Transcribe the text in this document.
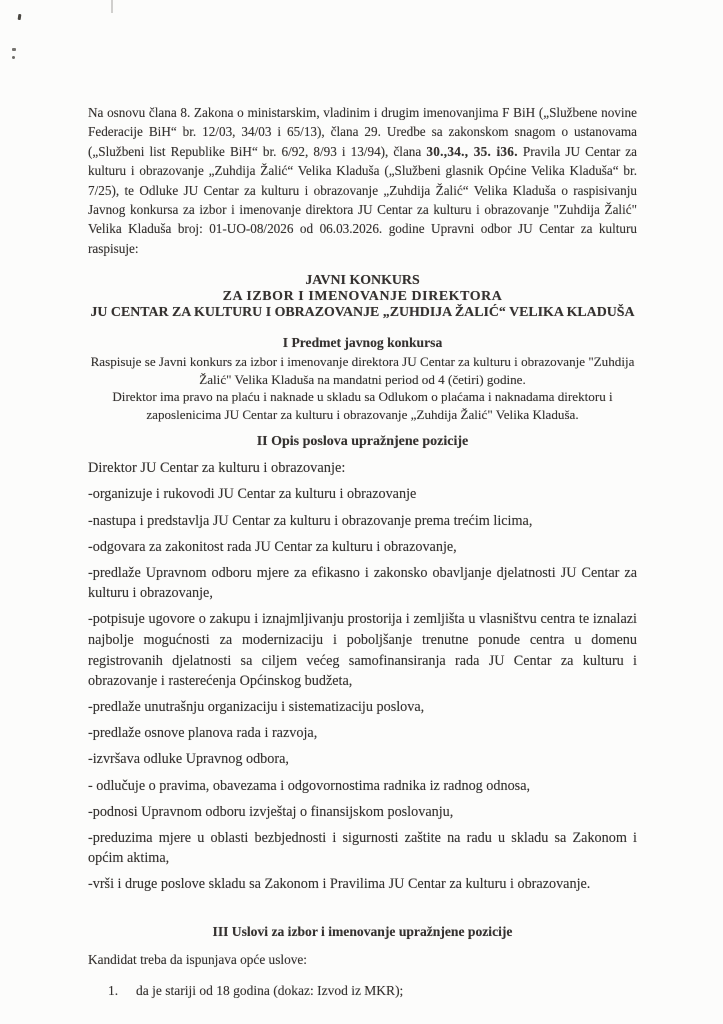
Na osnovu člana 8. Zakona o ministarskim, vladinim i drugim imenovanjima F BiH („Službene novine Federacije BiH“ br. 12/03, 34/03 i 65/13), člana 29. Uredbe sa zakonskom snagom o ustanovama („Službeni list Republike BiH“ br. 6/92, 8/93 i 13/94), člana 30.,34., 35. i36. Pravila JU Centar za kulturu i obrazovanje „Zuhdija Žalić“ Velika Kladuša („Službeni glasnik Općine Velika Kladuša“ br. 7/25), te Odluke JU Centar za kulturu i obrazovanje „Zuhdija Žalić“ Velika Kladuša o raspisivanju Javnog konkursa za izbor i imenovanje direktora JU Centar za kulturu i obrazovanje "Zuhdija Žalić" Velika Kladuša broj: 01-UO-08/2026 od 06.03.2026. godine Upravni odbor JU Centar za kulturu raspisuje:

JAVNI KONKURS

ZA IZBOR I IMENOVANJE DIREKTORA

JU CENTAR ZA KULTURU I OBRAZOVANJE „ZUHDIJA ŽALIĆ“ VELIKA KLADUŠA

I Predmet javnog konkursa

Raspisuje se Javni konkurs za izbor i imenovanje direktora JU Centar za kulturu i obrazovanje "Zuhdija Žalić" Velika Kladuša na mandatni period od 4 (četiri) godine.

Direktor ima pravo na plaću i naknade u skladu sa Odlukom o plaćama i naknadama direktoru i zaposlenicima JU Centar za kulturu i obrazovanje „Zuhdija Žalić" Velika Kladuša.

II Opis poslova upražnjene pozicije

Direktor JU Centar za kulturu i obrazovanje:

-organizuje i rukovodi JU Centar za kulturu i obrazovanje

-nastupa i predstavlja JU Centar za kulturu i obrazovanje prema trećim licima,

-odgovara za zakonitost rada JU Centar za kulturu i obrazovanje,

-predlaže Upravnom odboru mjere za efikasno i zakonsko obavljanje djelatnosti JU Centar za kulturu i obrazovanje,

-potpisuje ugovore o zakupu i iznajmljivanju prostorija i zemljišta u vlasništvu centra te iznalazi najbolje mogućnosti za modernizaciju i poboljšanje trenutne ponude centra u domenu registrovanih djelatnosti sa ciljem većeg samofinansiranja rada JU Centar za kulturu i obrazovanje i rasterećenja Općinskog budžeta,

-predlaže unutrašnju organizaciju i sistematizaciju poslova,

-predlaže osnove planova rada i razvoja,

-izvršava odluke Upravnog odbora,

- odlučuje o pravima, obavezama i odgovornostima radnika iz radnog odnosa,

-podnosi Upravnom odboru izvještaj o finansijskom poslovanju,

-preduzima mjere u oblasti bezbjednosti i sigurnosti zaštite na radu u skladu sa Zakonom i općim aktima,

-vrši i druge poslove skladu sa Zakonom i Pravilima JU Centar za kulturu i obrazovanje.

III Uslovi za izbor i imenovanje upražnjene pozicije

Kandidat treba da ispunjava opće uslove:

1.	da je stariji od 18 godina (dokaz: Izvod iz MKR);
